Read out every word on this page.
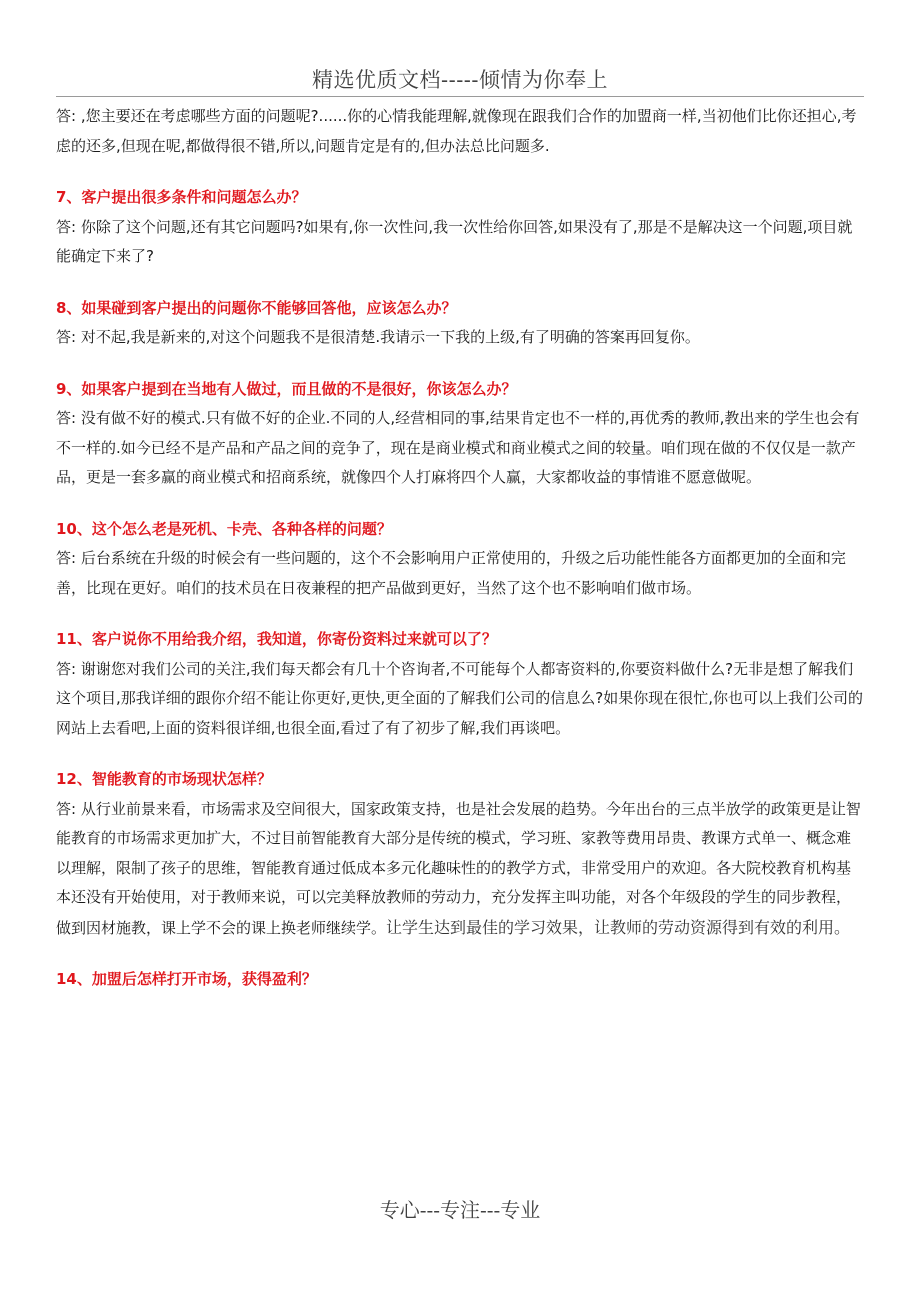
精选优质文档-----倾情为你奉上

答: ,您主要还在考虑哪些方面的问题呢?......你的心情我能理解,就像现在跟我们合作的加盟商一样,当初他们比你还担心,考虑的还多,但现在呢,都做得很不错,所以,问题肯定是有的,但办法总比问题多.

7、客户提出很多条件和问题怎么办？

答: 你除了这个问题,还有其它问题吗?如果有,你一次性问,我一次性给你回答,如果没有了,那是不是解决这一个问题,项目就能确定下来了?

8、如果碰到客户提出的问题你不能够回答他，应该怎么办？

答: 对不起,我是新来的,对这个问题我不是很清楚.我请示一下我的上级,有了明确的答案再回复你。

9、如果客户提到在当地有人做过，而且做的不是很好，你该怎么办？

答: 没有做不好的模式.只有做不好的企业.不同的人,经营相同的事,结果肯定也不一样的,再优秀的教师,教出来的学生也会有不一样的.如今已经不是产品和产品之间的竞争了，现在是商业模式和商业模式之间的较量。咱们现在做的不仅仅是一款产品，更是一套多赢的商业模式和招商系统，就像四个人打麻将四个人赢，大家都收益的事情谁不愿意做呢。

10、这个怎么老是死机、卡壳、各种各样的问题？

答: 后台系统在升级的时候会有一些问题的，这个不会影响用户正常使用的，升级之后功能性能各方面都更加的全面和完善，比现在更好。咱们的技术员在日夜兼程的把产品做到更好，当然了这个也不影响咱们做市场。

11、客户说你不用给我介绍，我知道，你寄份资料过来就可以了？

答: 谢谢您对我们公司的关注,我们每天都会有几十个咨询者,不可能每个人都寄资料的,你要资料做什么?无非是想了解我们这个项目,那我详细的跟你介绍不能让你更好,更快,更全面的了解我们公司的信息么?如果你现在很忙,你也可以上我们公司的网站上去看吧,上面的资料很详细,也很全面,看过了有了初步了解,我们再谈吧。

12、智能教育的市场现状怎样？

答: 从行业前景来看，市场需求及空间很大，国家政策支持，也是社会发展的趋势。今年出台的三点半放学的政策更是让智能教育的市场需求更加扩大，不过目前智能教育大部分是传统的模式，学习班、家教等费用昂贵、教课方式单一、概念难以理解，限制了孩子的思维，智能教育通过低成本多元化趣味性的的教学方式，非常受用户的欢迎。各大院校教育机构基本还没有开始使用，对于教师来说，可以完美释放教师的劳动力，充分发挥主叫功能，对各个年级段的学生的同步教程，做到因材施教，课上学不会的课上换老师继续学。让学生达到最佳的学习效果，让教师的劳动资源得到有效的利用。

14、加盟后怎样打开市场，获得盈利？

专心---专注---专业
